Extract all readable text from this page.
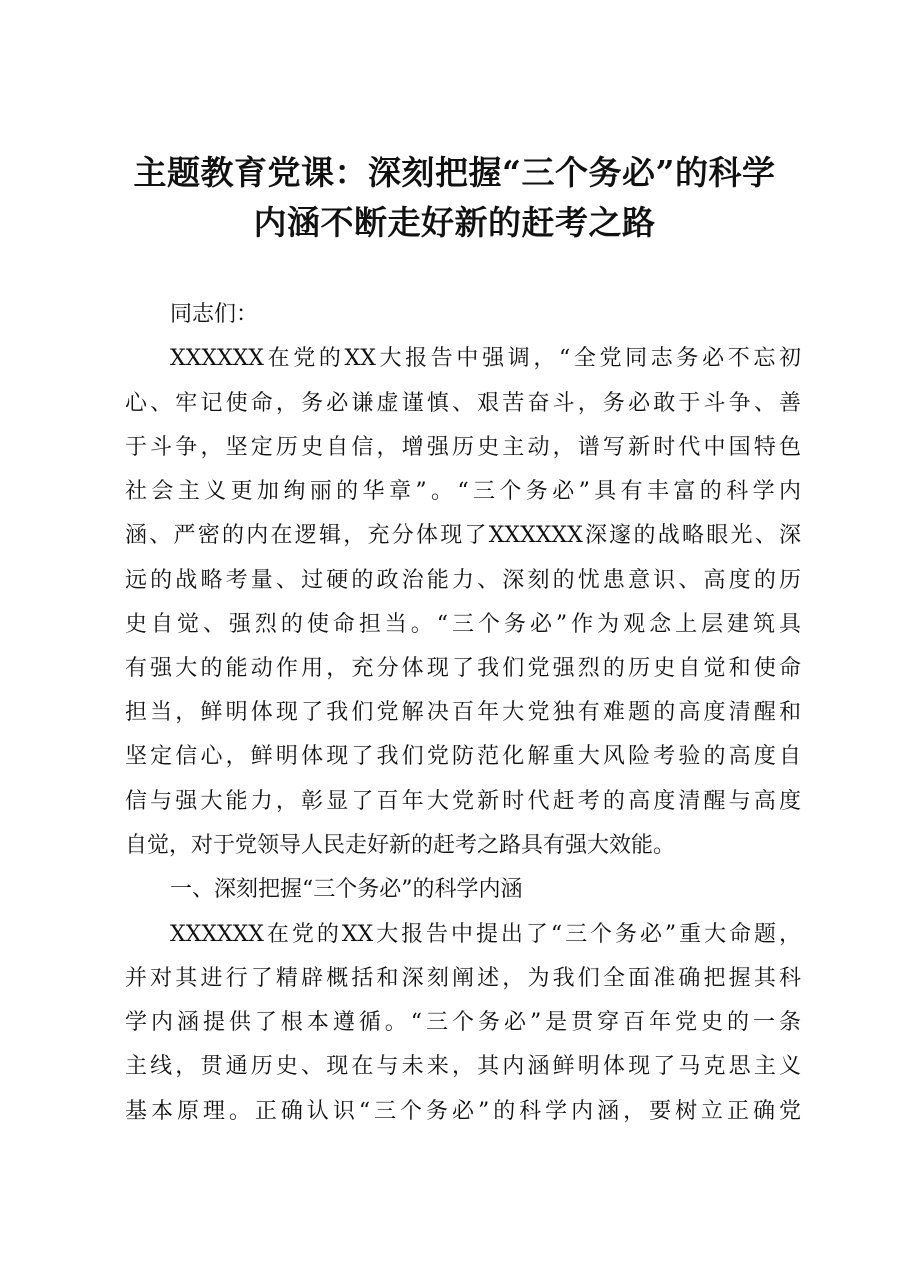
主题教育党课：深刻把握“三个务必”的科学
内涵不断走好新的赶考之路
同志们：
XXXXXX在党的XX大报告中强调，“全党同志务必不忘初
心、牢记使命，务必谦虚谨慎、艰苦奋斗，务必敢于斗争、善
于斗争，坚定历史自信，增强历史主动，谱写新时代中国特色
社会主义更加绚丽的华章”。“三个务必”具有丰富的科学内
涵、严密的内在逻辑，充分体现了XXXXXX深邃的战略眼光、深
远的战略考量、过硬的政治能力、深刻的忧患意识、高度的历
史自觉、强烈的使命担当。“三个务必”作为观念上层建筑具
有强大的能动作用，充分体现了我们党强烈的历史自觉和使命
担当，鲜明体现了我们党解决百年大党独有难题的高度清醒和
坚定信心，鲜明体现了我们党防范化解重大风险考验的高度自
信与强大能力，彰显了百年大党新时代赶考的高度清醒与高度
自觉，对于党领导人民走好新的赶考之路具有强大效能。
一、深刻把握“三个务必”的科学内涵
XXXXXX在党的XX大报告中提出了“三个务必”重大命题，
并对其进行了精辟概括和深刻阐述，为我们全面准确把握其科
学内涵提供了根本遵循。“三个务必”是贯穿百年党史的一条
主线，贯通历史、现在与未来，其内涵鲜明体现了马克思主义
基本原理。正确认识“三个务必”的科学内涵，要树立正确党
